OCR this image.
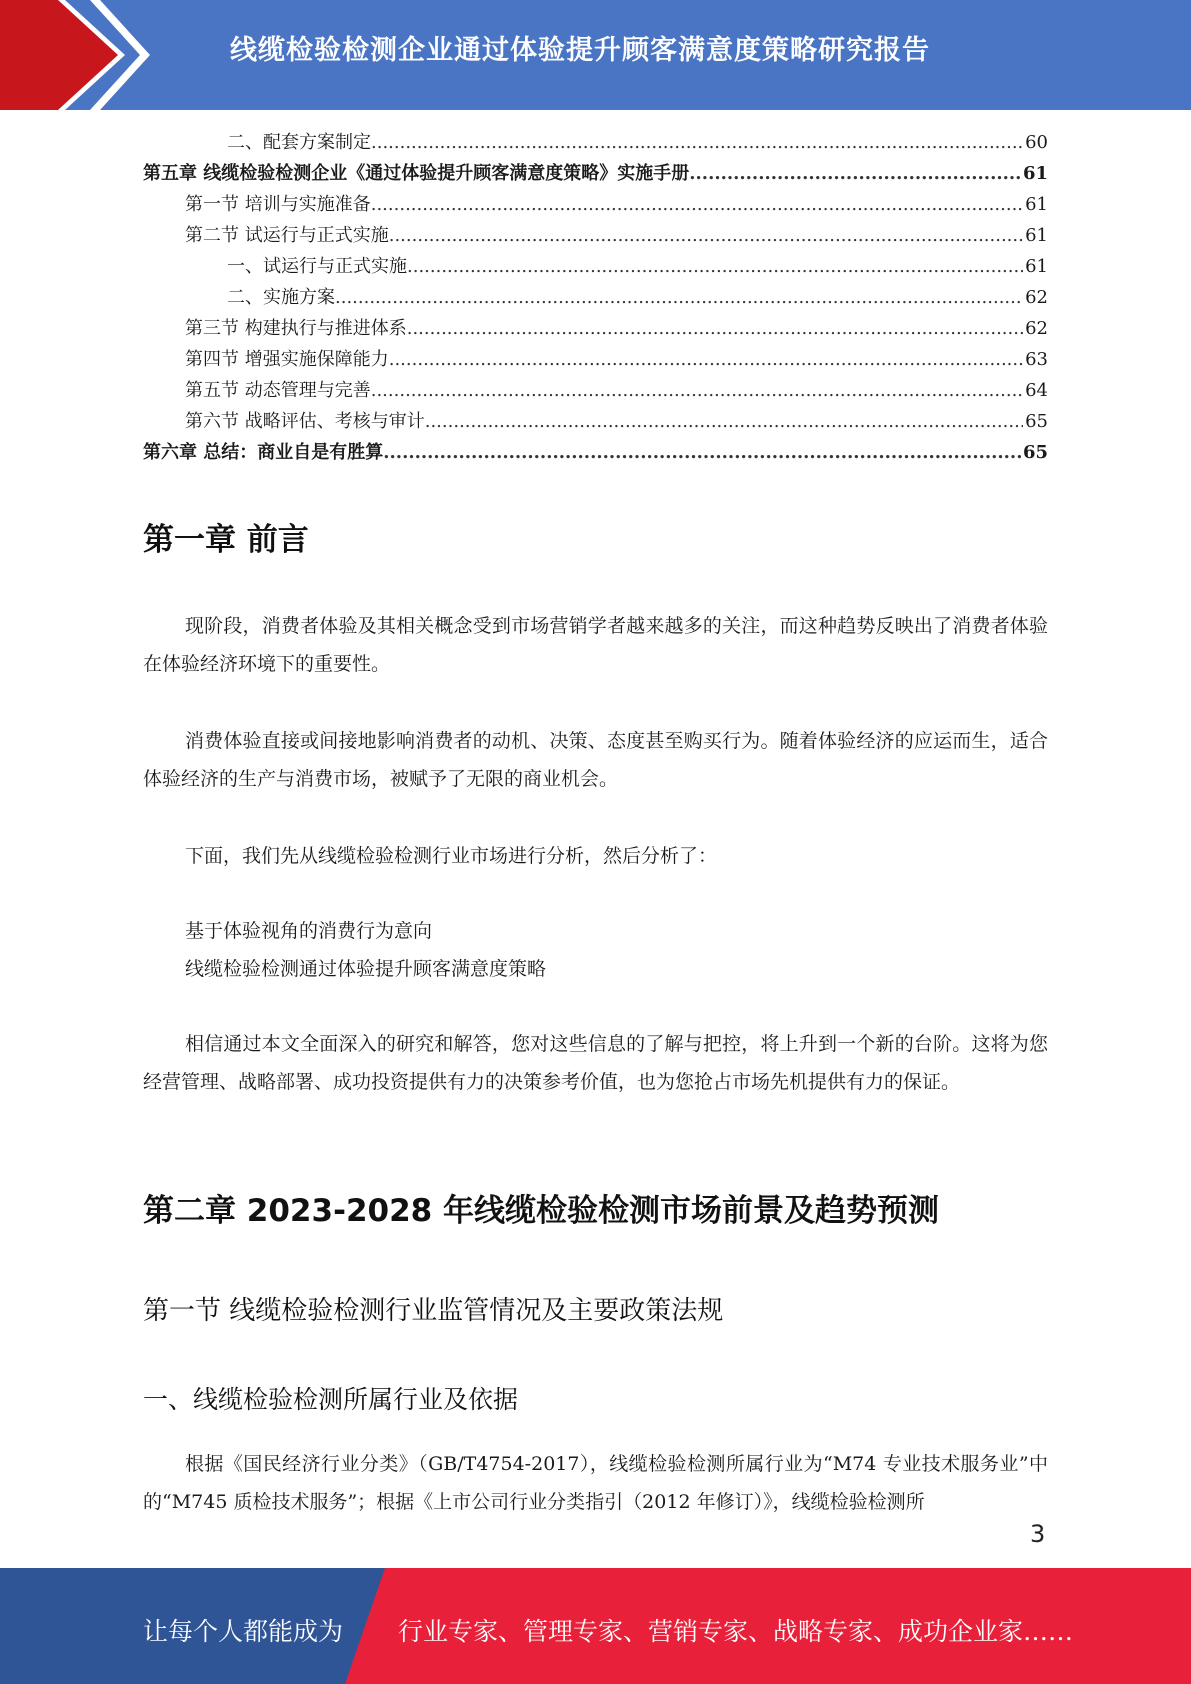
线缆检验检测企业通过体验提升顾客满意度策略研究报告
二、配套方案制定 .....	60
第五章 线缆检验检测企业《通过体验提升顾客满意度策略》实施手册 .....	61
第一节 培训与实施准备 .....	61
第二节 试运行与正式实施 .....	61
一、试运行与正式实施 .....	61
二、实施方案 .....	62
第三节 构建执行与推进体系 .....	62
第四节 增强实施保障能力 .....	63
第五节 动态管理与完善 .....	64
第六节 战略评估、考核与审计 .....	65
第六章 总结：商业自是有胜算 .....	65
第一章 前言
现阶段，消费者体验及其相关概念受到市场营销学者越来越多的关注，而这种趋势反映出了消费者体验在体验经济环境下的重要性。
消费体验直接或间接地影响消费者的动机、决策、态度甚至购买行为。随着体验经济的应运而生，适合体验经济的生产与消费市场，被赋予了无限的商业机会。
下面，我们先从线缆检验检测行业市场进行分析，然后分析了：
基于体验视角的消费行为意向
线缆检验检测通过体验提升顾客满意度策略
相信通过本文全面深入的研究和解答，您对这些信息的了解与把控，将上升到一个新的台阶。这将为您经营管理、战略部署、成功投资提供有力的决策参考价值，也为您抢占市场先机提供有力的保证。
第二章 2023-2028 年线缆检验检测市场前景及趋势预测
第一节 线缆检验检测行业监管情况及主要政策法规
一、线缆检验检测所属行业及依据
根据《国民经济行业分类》（GB/T4754-2017），线缆检验检测所属行业为“M74 专业技术服务业”中的“M745 质检技术服务”；根据《上市公司行业分类指引（2012 年修订）》，线缆检验检测所
3
让每个人都能成为 行业专家、管理专家、营销专家、战略专家、成功企业家……
